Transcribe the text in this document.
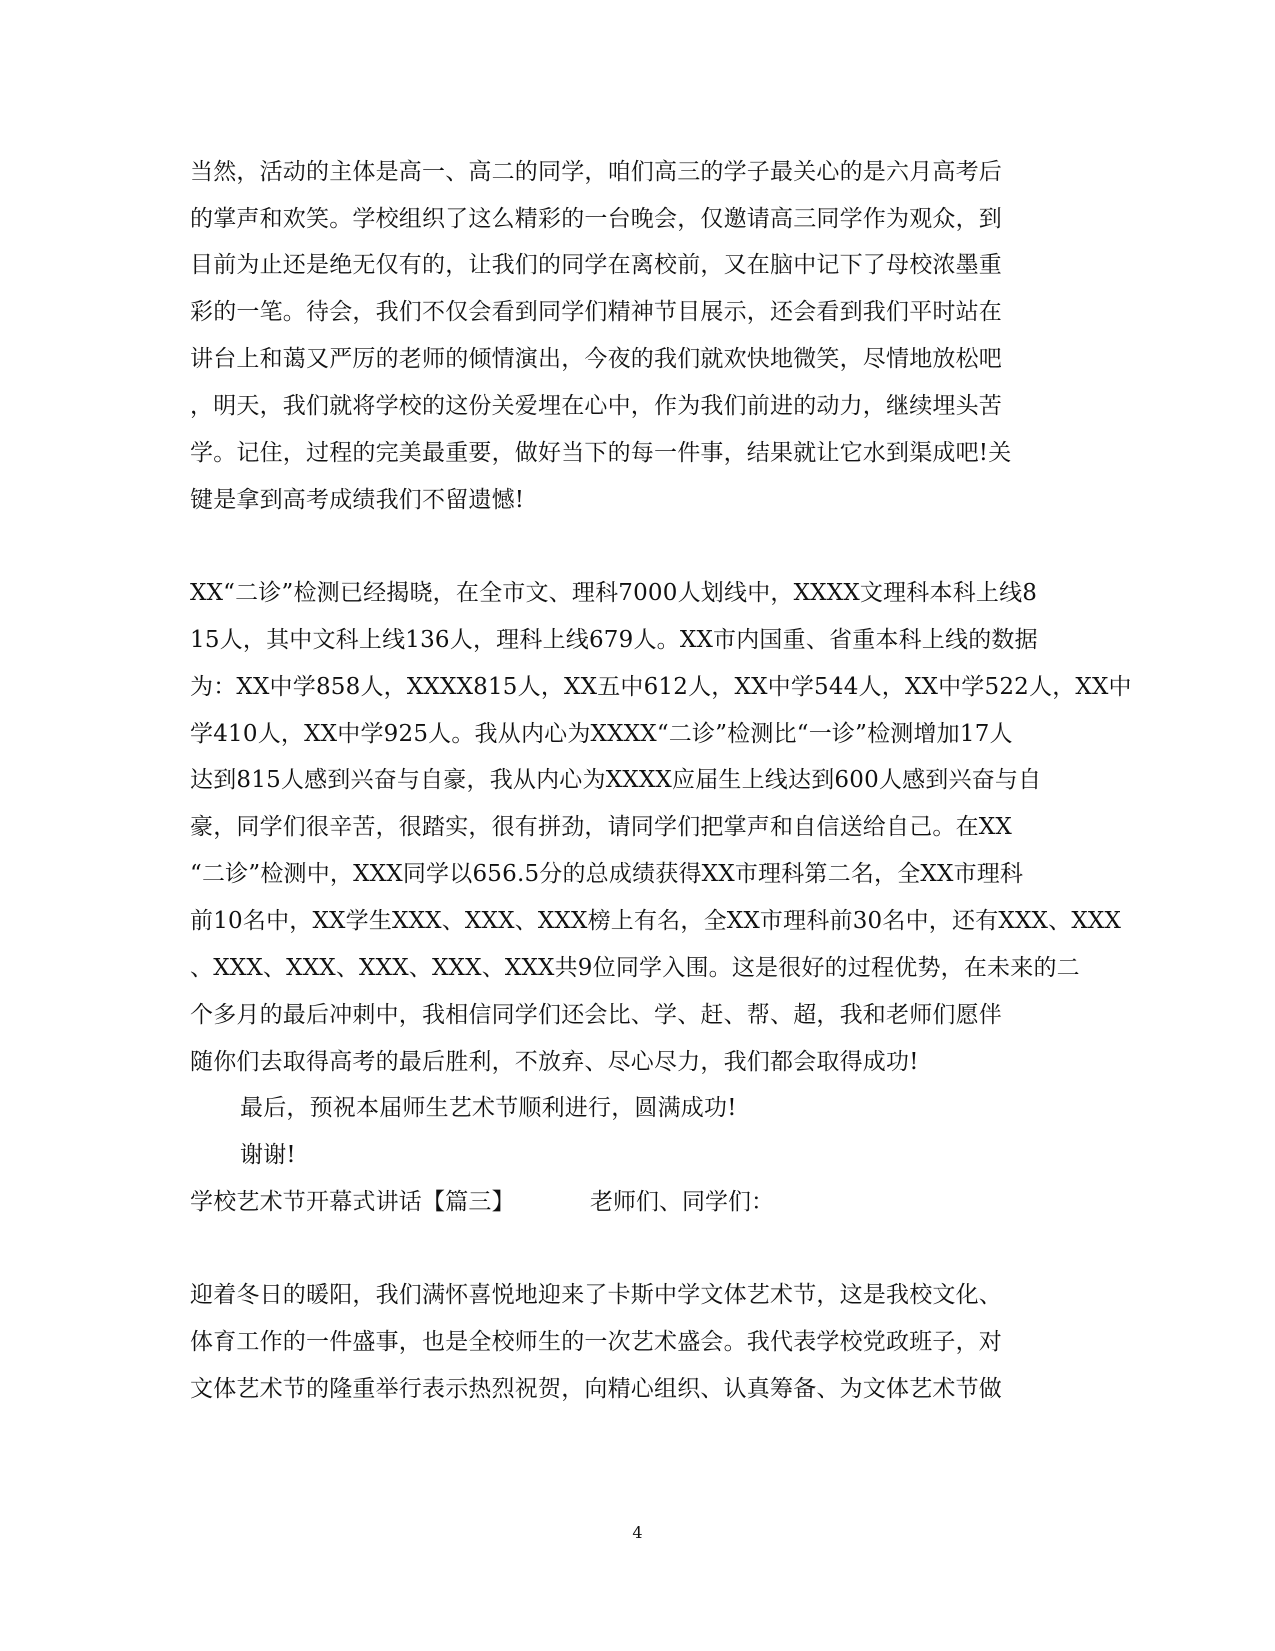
当然，活动的主体是高一、高二的同学，咱们高三的学子最关心的是六月高考后
的掌声和欢笑。学校组织了这么精彩的一台晚会，仅邀请高三同学作为观众，到
目前为止还是绝无仅有的，让我们的同学在离校前，又在脑中记下了母校浓墨重
彩的一笔。待会，我们不仅会看到同学们精神节目展示，还会看到我们平时站在
讲台上和蔼又严厉的老师的倾情演出，今夜的我们就欢快地微笑，尽情地放松吧
，明天，我们就将学校的这份关爱埋在心中，作为我们前进的动力，继续埋头苦
学。记住，过程的完美最重要，做好当下的每一件事，结果就让它水到渠成吧!关
键是拿到高考成绩我们不留遗憾!
XX“二诊”检测已经揭晓，在全市文、理科7000人划线中，XXXX文理科本科上线8
15人，其中文科上线136人，理科上线679人。XX市内国重、省重本科上线的数据
为：XX中学858人，XXXX815人，XX五中612人，XX中学544人，XX中学522人，XX中
学410人，XX中学925人。我从内心为XXXX“二诊”检测比“一诊”检测增加17人
达到815人感到兴奋与自豪，我从内心为XXXX应届生上线达到600人感到兴奋与自
豪，同学们很辛苦，很踏实，很有拼劲，请同学们把掌声和自信送给自己。在XX
“二诊”检测中，XXX同学以656.5分的总成绩获得XX市理科第二名，全XX市理科
前10名中，XX学生XXX、XXX、XXX榜上有名，全XX市理科前30名中，还有XXX、XXX
、XXX、XXX、XXX、XXX、XXX共9位同学入围。这是很好的过程优势，在未来的二
个多月的最后冲刺中，我相信同学们还会比、学、赶、帮、超，我和老师们愿伴
随你们去取得高考的最后胜利，不放弃、尽心尽力，我们都会取得成功!
最后，预祝本届师生艺术节顺利进行，圆满成功!
谢谢!
学校艺术节开幕式讲话【篇三】	老师们、同学们：
迎着冬日的暖阳，我们满怀喜悦地迎来了卡斯中学文体艺术节，这是我校文化、
体育工作的一件盛事，也是全校师生的一次艺术盛会。我代表学校党政班子，对
文体艺术节的隆重举行表示热烈祝贺，向精心组织、认真筹备、为文体艺术节做
4
